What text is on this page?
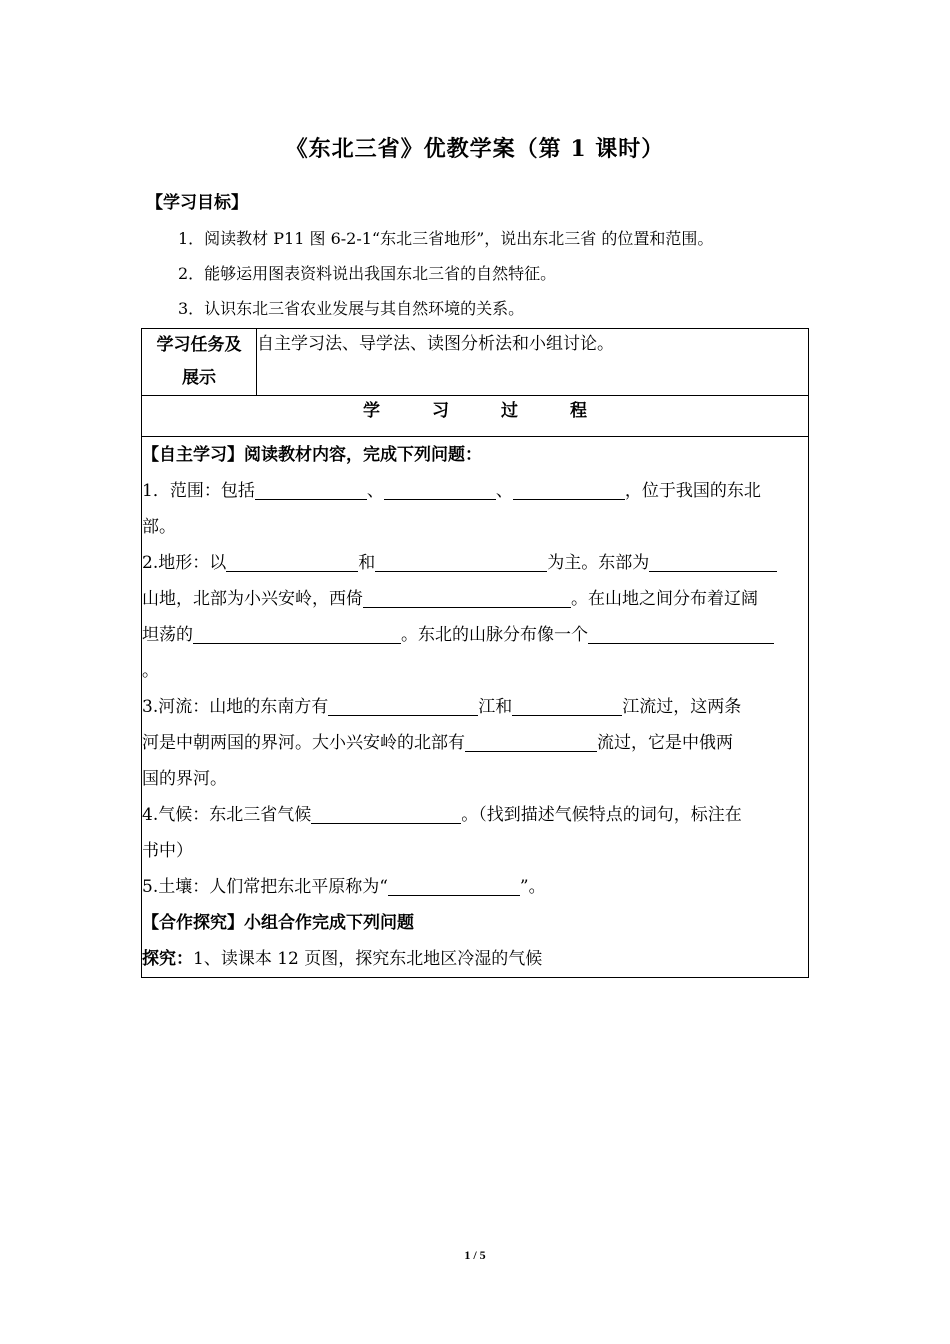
《东北三省》优教学案（第 1 课时）
【学习目标】
1．阅读教材 P11 图 6-2-1“东北三省地形”，说出东北三省 的位置和范围。
2．能够运用图表资料说出我国东北三省的自然特征。
3．认识东北三省农业发展与其自然环境的关系。
学习任务及
展示
	自主学习法、导学法、读图分析法和小组讨论。
学	习	过	程

【自主学习】阅读教材内容，完成下列问题：
1．范围：包括	、	、	，位于我国的东北
部。
2.地形：以	和	为主。东部为
山地，北部为小兴安岭，西倚	。在山地之间分布着辽阔
坦荡的	。东北的山脉分布像一个
。
3.河流：山地的东南方有	江和	江流过，这两条
河是中朝两国的界河。大小兴安岭的北部有	流过，它是中俄两
国的界河。
4.气候：东北三省气候	。（找到描述气候特点的词句，标注在
书中）
5.土壤：人们常把东北平原称为“	”。
【合作探究】小组合作完成下列问题
探究：1、读课本 12 页图，探究东北地区冷湿的气候
1 / 5
